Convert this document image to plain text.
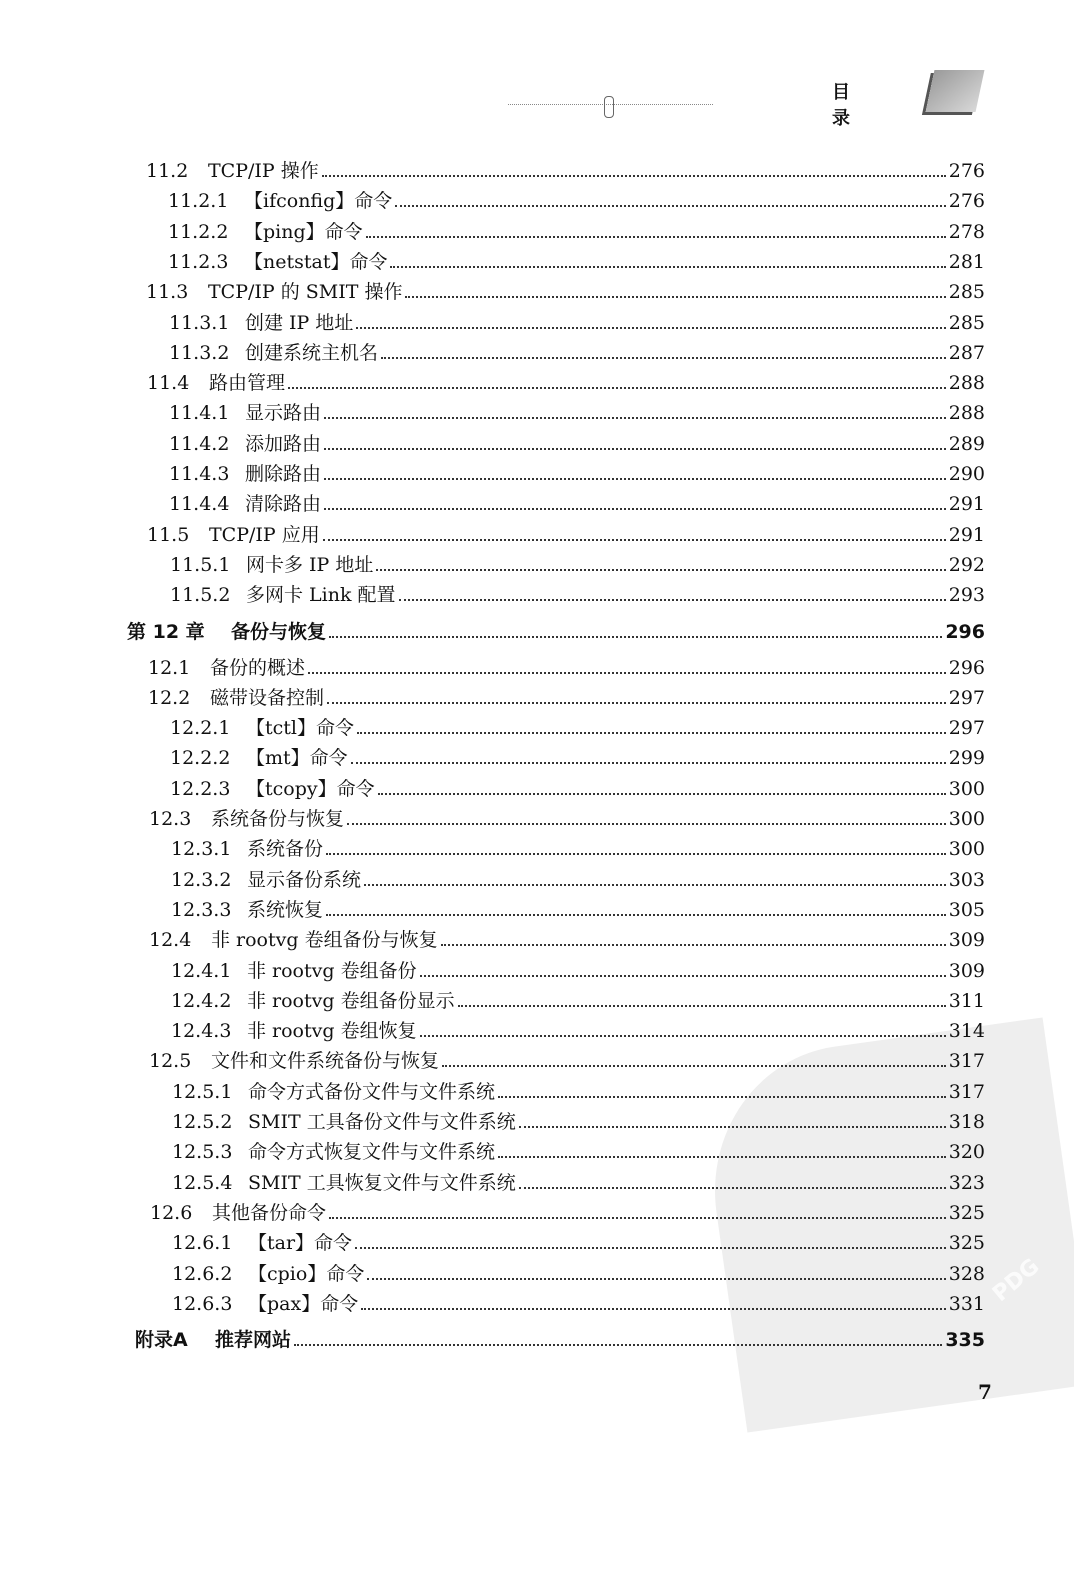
PDG
目 录
11.2	TCP/IP 操作	276
11.2.1 【ifconfig】命令	276
11.2.2 【ping】命令	278
11.2.3 【netstat】命令	281
11.3	TCP/IP 的 SMIT 操作	285
11.3.1 创建 IP 地址	285
11.3.2 创建系统主机名	287
11.4	路由管理	288
11.4.1 显示路由	288
11.4.2 添加路由	289
11.4.3 删除路由	290
11.4.4 清除路由	291
11.5	TCP/IP 应用	291
11.5.1 网卡多 IP 地址	292
11.5.2 多网卡 Link 配置	293
第 12 章	备份与恢复	296
12.1	备份的概述	296
12.2	磁带设备控制	297
12.2.1 【tctl】命令	297
12.2.2 【mt】命令	299
12.2.3 【tcopy】命令	300
12.3	系统备份与恢复	300
12.3.1 系统备份	300
12.3.2 显示备份系统	303
12.3.3 系统恢复	305
12.4	非 rootvg 卷组备份与恢复	309
12.4.1 非 rootvg 卷组备份	309
12.4.2 非 rootvg 卷组备份显示	311
12.4.3 非 rootvg 卷组恢复	314
12.5	文件和文件系统备份与恢复	317
12.5.1 命令方式备份文件与文件系统	317
12.5.2 SMIT 工具备份文件与文件系统	318
12.5.3 命令方式恢复文件与文件系统	320
12.5.4 SMIT 工具恢复文件与文件系统	323
12.6	其他备份命令	325
12.6.1 【tar】命令	325
12.6.2 【cpio】命令	328
12.6.3 【pax】命令	331
附录A	推荐网站	335
7
